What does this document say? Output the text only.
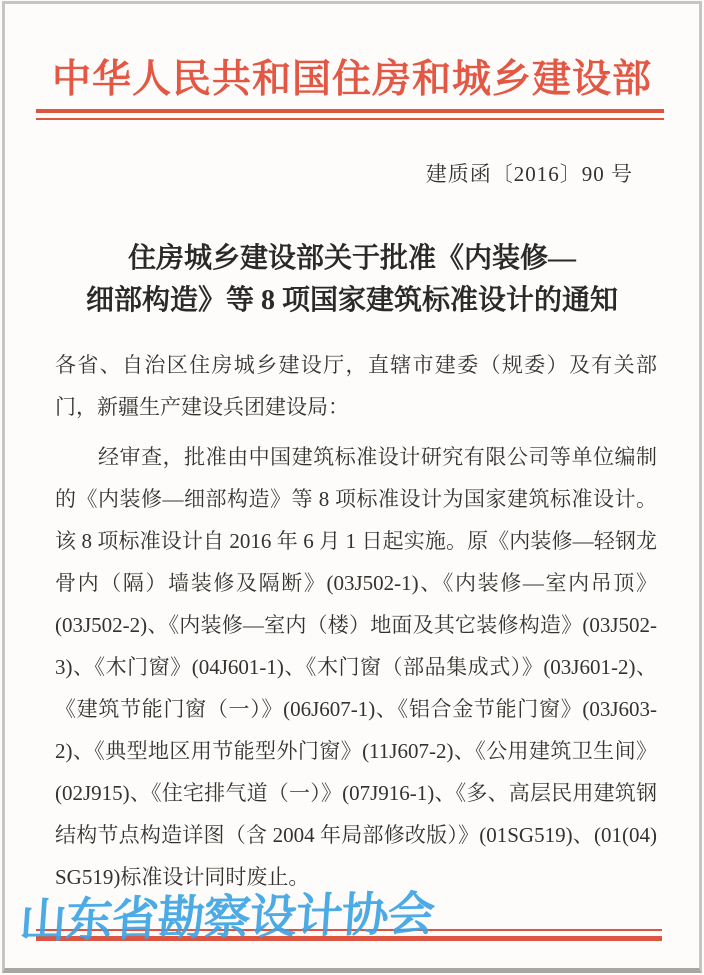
中华人民共和国住房和城乡建设部
建质函〔2016〕90 号
住房城乡建设部关于批准《内装修—
细部构造》等 8 项国家建筑标准设计的通知
各省、自治区住房城乡建设厅，直辖市建委（规委）及有关部
门，新疆生产建设兵团建设局：
　　经审查，批准由中国建筑标准设计研究有限公司等单位编制
的《内装修—细部构造》等 8 项标准设计为国家建筑标准设计。
该 8 项标准设计自 2016 年 6 月 1 日起实施。原《内装修—轻钢龙
骨内（隔）墙装修及隔断》(03J502-1)、《内装修—室内吊顶》
(03J502-2)、《内装修—室内（楼）地面及其它装修构造》(03J502-
3)、《木门窗》(04J601-1)、《木门窗（部品集成式）》(03J601-2)、
《建筑节能门窗（一）》(06J607-1)、《铝合金节能门窗》(03J603-
2)、《典型地区用节能型外门窗》(11J607-2)、《公用建筑卫生间》
(02J915)、《住宅排气道（一）》(07J916-1)、《多、高层民用建筑钢
结构节点构造详图（含 2004 年局部修改版）》(01SG519)、(01(04)
SG519)标准设计同时废止。
山东省勘察设计协会
